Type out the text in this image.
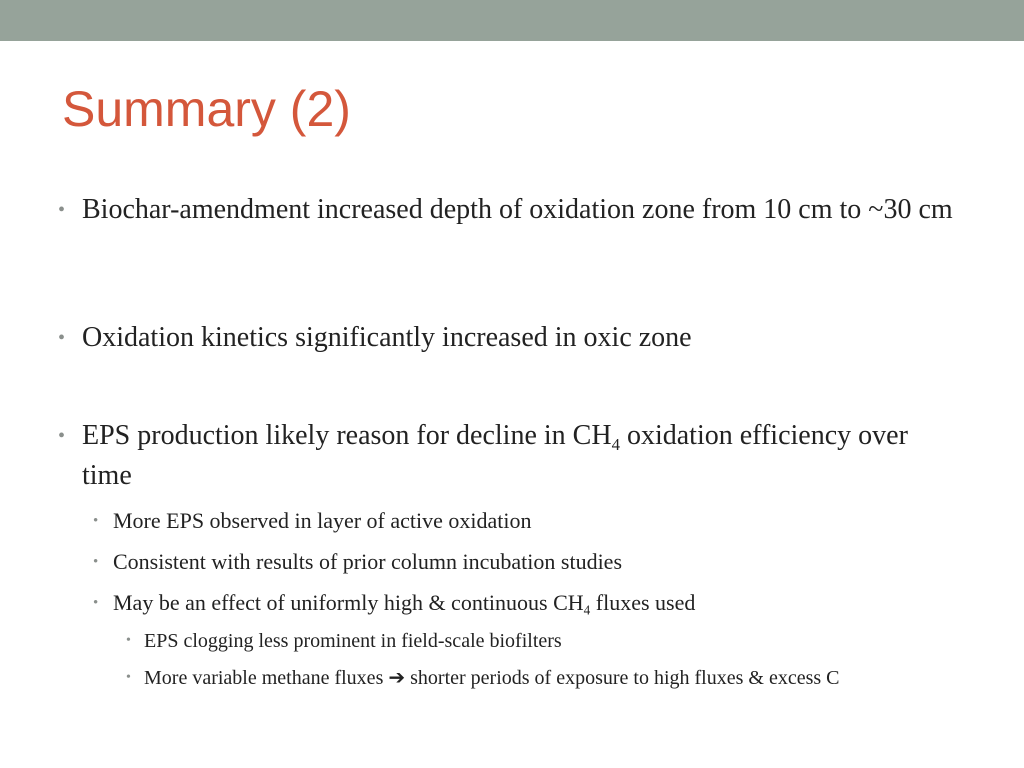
Summary (2)
• Biochar-amendment increased depth of oxidation zone from 10 cm to ~30 cm
• Oxidation kinetics significantly increased in oxic zone
• EPS production likely reason for decline in $CH_4$ oxidation efficiency over time
• More EPS observed in layer of active oxidation
• Consistent with results of prior column incubation studies
• May be an effect of uniformly high & continuous $CH_4$ fluxes used
• EPS clogging less prominent in field-scale biofilters
• More variable methane fluxes ➔ shorter periods of exposure to high fluxes & excess C
